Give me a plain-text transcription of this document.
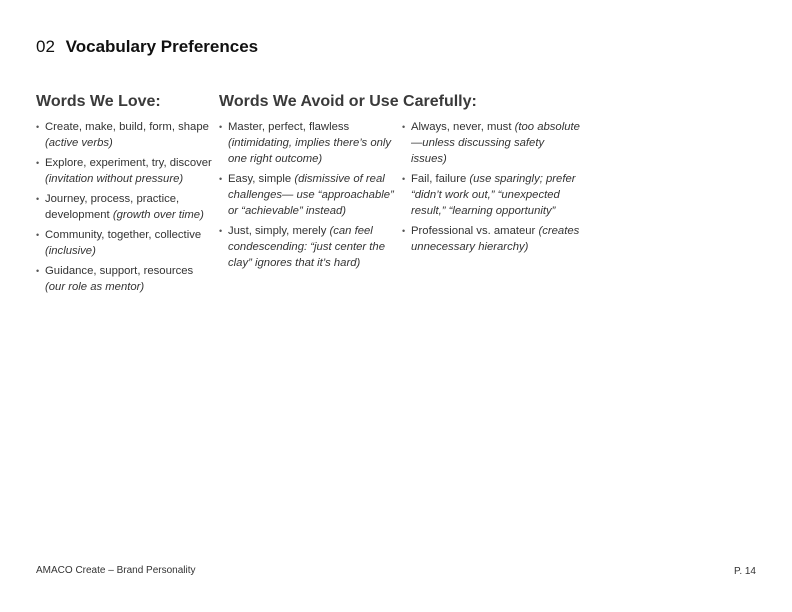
02 Vocabulary Preferences
Words We Love:	Words We Avoid or Use Carefully:
• Create, make, build, form, shape (active verbs)
• Explore, experiment, try, discover (invitation without pressure)
• Journey, process, practice, development (growth over time)
• Community, together, collective (inclusive)
• Guidance, support, resources (our role as mentor)
• Master, perfect, flawless (intimidating, implies there’s only one right outcome)
• Easy, simple (dismissive of real challenges— use “approachable” or “achievable” instead)
• Just, simply, merely (can feel condescending: “just center the clay” ignores that it’s hard)
• Always, never, must (too absolute—unless discussing safety issues)
• Fail, failure (use sparingly; prefer “didn’t work out,” “unexpected result,” “learning opportunity”
• Professional vs. amateur (creates unnecessary hierarchy)
AMACO Create – Brand Personality	P. 14
